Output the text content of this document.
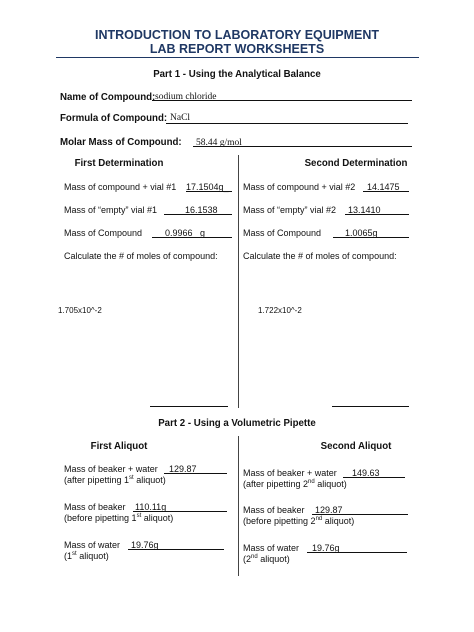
INTRODUCTION TO LABORATORY EQUIPMENT
LAB REPORT WORKSHEETS
Part 1 - Using the Analytical Balance
Name of Compound: sodium chloride
Formula of Compound: NaCl
Molar Mass of Compound: 58.44 g/mol
First Determination
Mass of compound + vial #1 17.1504g_
Mass of “empty” vial #1	16.1538
Mass of Compound	0.9966   g
Calculate the # of moles of compound:
1.705x10^-2
Second Determination
Mass of compound + vial #2 14.1475
Mass of “empty” vial #2 13.1410
Mass of Compound	1.0065g
Calculate the # of moles of compound:
1.722x10^-2
Part 2 - Using a Volumetric Pipette
First Aliquot
Mass of beaker + water 129.87
(after pipetting 1st aliquot)
Mass of beaker 110.11g
(before pipetting 1st aliquot)
Mass of water 19.76g
(1st aliquot)
Second Aliquot
Mass of beaker + water 149.63
(after pipetting 2nd aliquot)
Mass of beaker 129.87
(before pipetting 2nd aliquot)
Mass of water 19.76g
(2nd aliquot)
